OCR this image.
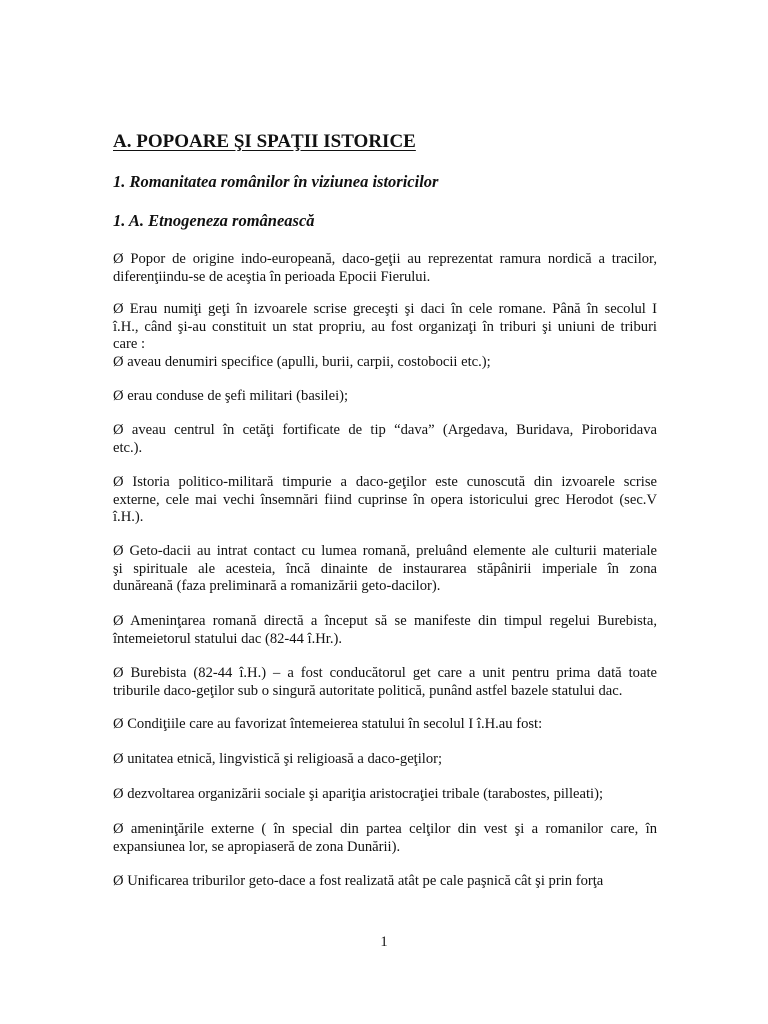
A. POPOARE ŞI SPAŢII ISTORICE
1. Romanitatea românilor în viziunea istoricilor
1. A. Etnogeneza românească

Ø Popor de origine indo-europeană, daco-geţii au reprezentat ramura nordică a tracilor,
diferenţiindu-se de aceştia în perioada Epocii Fierului.

Ø Erau numiţi geţi în izvoarele scrise greceşti şi daci în cele romane. Până în secolul I
î.H., când şi-au constituit un stat propriu, au fost organizaţi în triburi şi uniuni de triburi
care :
Ø aveau denumiri specifice (apulli, burii, carpii, costobocii etc.);

Ø erau conduse de şefi militari (basilei);

Ø aveau centrul în cetăţi fortificate de tip “dava” (Argedava, Buridava, Piroboridava
etc.).

Ø Istoria politico-militară timpurie a daco-geţilor este cunoscută din izvoarele scrise
externe, cele mai vechi însemnări fiind cuprinse în opera istoricului grec Herodot (sec.V
î.H.).

Ø Geto-dacii au intrat contact cu lumea romană, preluând elemente ale culturii materiale
şi spirituale ale acesteia, încă dinainte de instaurarea stăpânirii imperiale în zona
dunăreană (faza preliminară a romanizării geto-dacilor).

Ø Ameninţarea romană directă a început să se manifeste din timpul regelui Burebista,
întemeietorul statului dac (82-44 î.Hr.).

Ø Burebista (82-44 î.H.) – a fost conducătorul get care a unit pentru prima dată toate
triburile daco-geţilor sub o singură autoritate politică, punând astfel bazele statului dac.

Ø Condiţiile care au favorizat întemeierea statului în secolul I î.H.au fost:

Ø unitatea etnică, lingvistică şi religioasă a daco-geţilor;

Ø dezvoltarea organizării sociale şi apariţia aristocraţiei tribale (tarabostes, pilleati);

Ø ameninţările externe ( în special din partea celţilor din vest şi a romanilor care, în
expansiunea lor, se apropiaseră de zona Dunării).

Ø Unificarea triburilor geto-dace a fost realizată atât pe cale paşnică cât şi prin forţa

1
